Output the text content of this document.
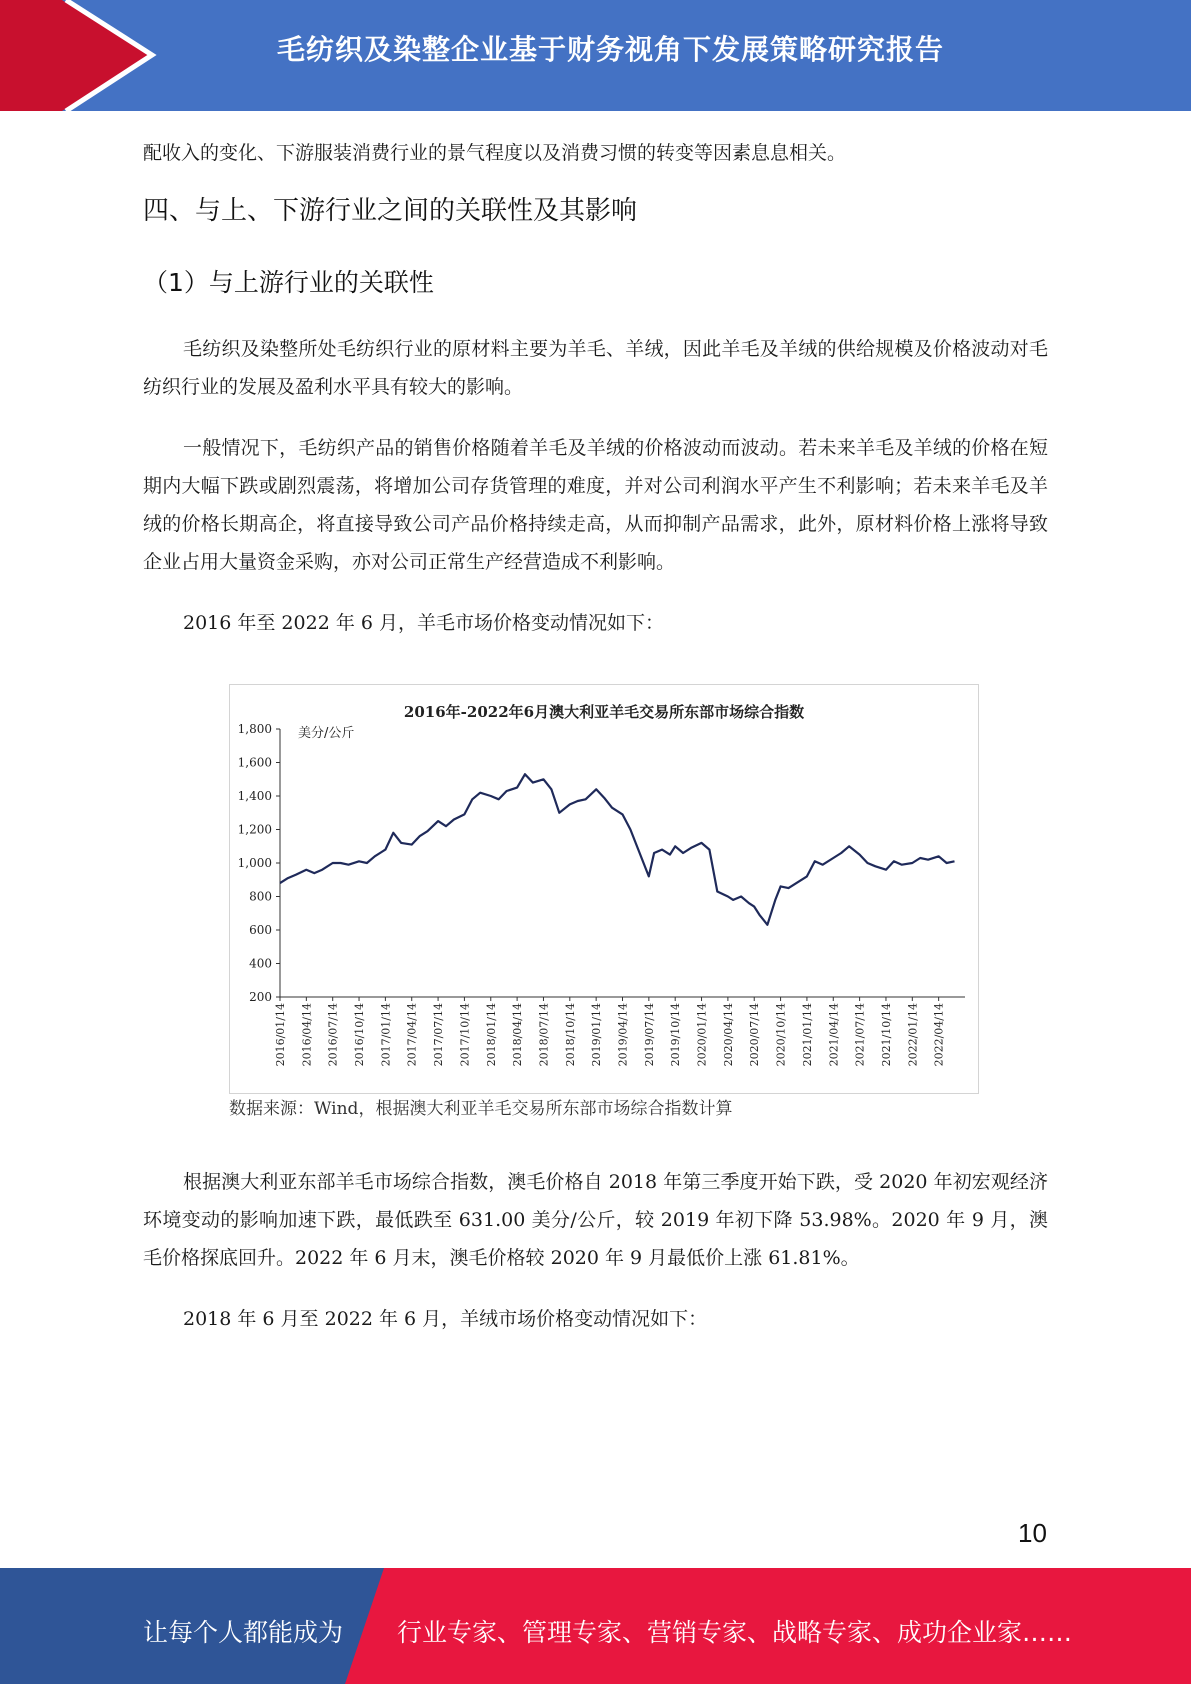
毛纺织及染整企业基于财务视角下发展策略研究报告
配收入的变化、下游服装消费行业的景气程度以及消费习惯的转变等因素息息相关。
四、与上、下游行业之间的关联性及其影响
（1）与上游行业的关联性
毛纺织及染整所处毛纺织行业的原材料主要为羊毛、羊绒，因此羊毛及羊绒的供给规模及价格波动对毛纺织行业的发展及盈利水平具有较大的影响。
一般情况下，毛纺织产品的销售价格随着羊毛及羊绒的价格波动而波动。若未来羊毛及羊绒的价格在短期内大幅下跌或剧烈震荡，将增加公司存货管理的难度，并对公司利润水平产生不利影响；若未来羊毛及羊绒的价格长期高企，将直接导致公司产品价格持续走高，从而抑制产品需求，此外，原材料价格上涨将导致企业占用大量资金采购，亦对公司正常生产经营造成不利影响。
2016 年至 2022 年 6 月，羊毛市场价格变动情况如下：
2016年-2022年6月澳大利亚羊毛交易所东部市场综合指数
美分/公斤
200
400
600
800
1,000
1,200
1,400
1,600
1,800
2016/01/14 2016/04/14 2016/07/14 2016/10/14 2017/01/14 2017/04/14 2017/07/14 2017/10/14 2018/01/14 2018/04/14 2018/07/14 2018/10/14 2019/01/14 2019/04/14 2019/07/14 2019/10/14 2020/01/14 2020/04/14 2020/07/14 2020/10/14 2021/01/14 2021/04/14 2021/07/14 2021/10/14 2022/01/14 2022/04/14
数据来源：Wind，根据澳大利亚羊毛交易所东部市场综合指数计算
根据澳大利亚东部羊毛市场综合指数，澳毛价格自 2018 年第三季度开始下跌，受 2020 年初宏观经济环境变动的影响加速下跌，最低跌至 631.00 美分/公斤，较 2019 年初下降 53.98%。2020 年 9 月，澳毛价格探底回升。2022 年 6 月末，澳毛价格较 2020 年 9 月最低价上涨 61.81%。
2018 年 6 月至 2022 年 6 月，羊绒市场价格变动情况如下：
10
让每个人都能成为 行业专家、管理专家、营销专家、战略专家、成功企业家……
